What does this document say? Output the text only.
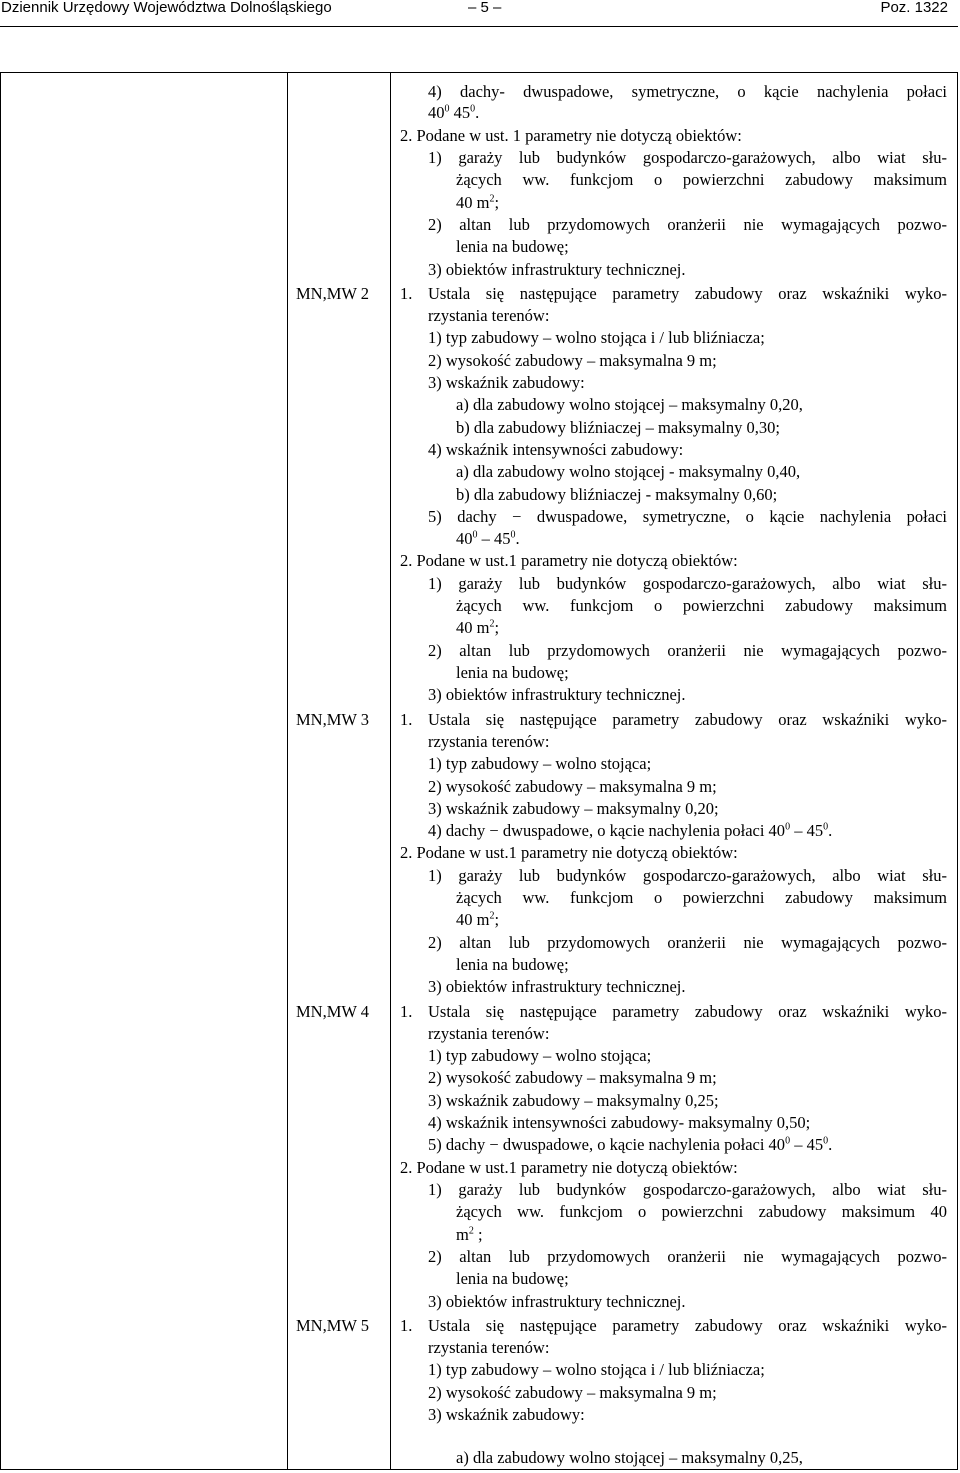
Dziennik Urzędowy Województwa Dolnośląskiego	– 5 –	Poz. 1322
4) dachy- dwuspadowe, symetryczne, o kącie nachylenia połaci
$40^0$ $45^0$.
2. Podane w ust. 1 parametry nie dotyczą obiektów:
1) garaży lub budynków gospodarczo-garażowych, albo wiat słu-
żących ww. funkcjom o powierzchni zabudowy maksimum
40 $m^2$;
2) altan lub przydomowych oranżerii nie wymagających pozwo-
lenia na budowę;
3) obiektów infrastruktury technicznej.
MN,MW 2 1. Ustala się następujące parametry zabudowy oraz wskaźniki wyko-
rzystania terenów:
1) typ zabudowy – wolno stojąca i / lub bliźniacza;
2) wysokość zabudowy – maksymalna 9 m;
3) wskaźnik zabudowy:
a) dla zabudowy wolno stojącej – maksymalny 0,20,
b) dla zabudowy bliźniaczej – maksymalny 0,30;
4) wskaźnik intensywności zabudowy:
a) dla zabudowy wolno stojącej - maksymalny 0,40,
b) dla zabudowy bliźniaczej - maksymalny 0,60;
5) dachy − dwuspadowe, symetryczne, o kącie nachylenia połaci
$40^0 - 45^0$.
2. Podane w ust.1 parametry nie dotyczą obiektów:
1) garaży lub budynków gospodarczo-garażowych, albo wiat słu-
żących ww. funkcjom o powierzchni zabudowy maksimum
40 $m^2$;
2) altan lub przydomowych oranżerii nie wymagających pozwo-
lenia na budowę;
3) obiektów infrastruktury technicznej.
MN,MW 3 1. Ustala się następujące parametry zabudowy oraz wskaźniki wyko-
rzystania terenów:
1) typ zabudowy – wolno stojąca;
2) wysokość zabudowy – maksymalna 9 m;
3) wskaźnik zabudowy – maksymalny 0,20;
4) dachy − dwuspadowe, o kącie nachylenia połaci $40^0 - 45^0$.
2. Podane w ust.1 parametry nie dotyczą obiektów:
1) garaży lub budynków gospodarczo-garażowych, albo wiat słu-
żących ww. funkcjom o powierzchni zabudowy maksimum
40 $m^2$;
2) altan lub przydomowych oranżerii nie wymagających pozwo-
lenia na budowę;
3) obiektów infrastruktury technicznej.
MN,MW 4 1. Ustala się następujące parametry zabudowy oraz wskaźniki wyko-
rzystania terenów:
1) typ zabudowy – wolno stojąca;
2) wysokość zabudowy – maksymalna 9 m;
3) wskaźnik zabudowy – maksymalny 0,25;
4) wskaźnik intensywności zabudowy- maksymalny 0,50;
5) dachy − dwuspadowe, o kącie nachylenia połaci $40^0 - 45^0$.
2. Podane w ust.1 parametry nie dotyczą obiektów:
1) garaży lub budynków gospodarczo-garażowych, albo wiat słu-
żących ww. funkcjom o powierzchni zabudowy maksimum 40
$m^2$ ;
2) altan lub przydomowych oranżerii nie wymagających pozwo-
lenia na budowę;
3) obiektów infrastruktury technicznej.
MN,MW 5 1. Ustala się następujące parametry zabudowy oraz wskaźniki wyko-
rzystania terenów:
1) typ zabudowy – wolno stojąca i / lub bliźniacza;
2) wysokość zabudowy – maksymalna 9 m;
3) wskaźnik zabudowy:
a) dla zabudowy wolno stojącej – maksymalny 0,25,
